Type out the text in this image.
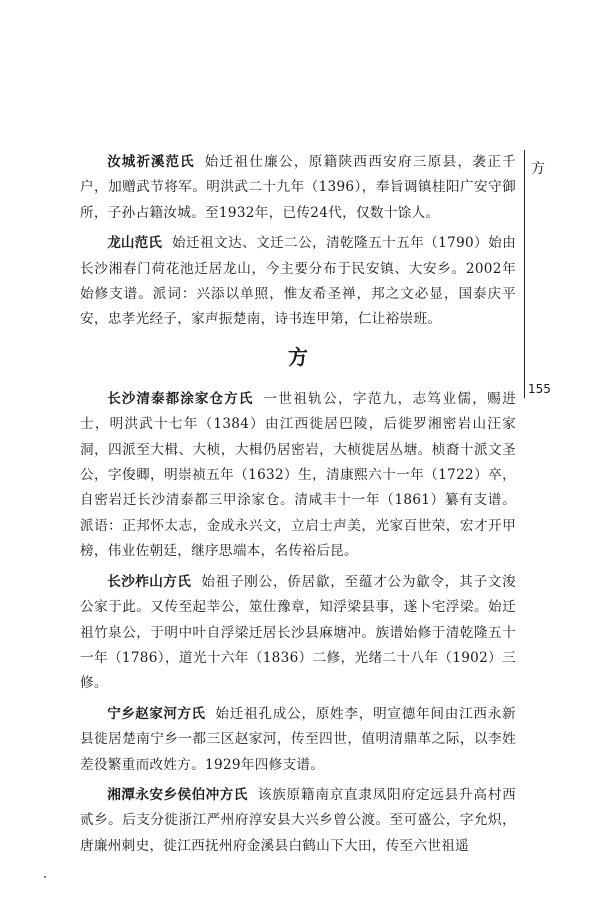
汝城祈溪范氏 始迁祖仕廉公，原籍陕西西安府三原县，袭正千户，加赠武节将军。明洪武二十九年（1396），奉旨调镇桂阳广安守御所，子孙占籍汝城。至1932年，已传24代，仅数十馀人。

龙山范氏 始迁祖文达、文迁二公，清乾隆五十五年（1790）始由长沙湘春门荷花池迁居龙山，今主要分布于民安镇、大安乡。2002年始修支谱。派词：兴添以单照，惟友希圣禅，邦之文必显，国泰庆平安，忠孝光经子，家声振楚南，诗书连甲第，仁让裕崇班。

方

长沙清泰都涂家仓方氏 一世祖轨公，字范九，志笃业儒，赐进士，明洪武十七年（1384）由江西徙居巴陵，后徙罗湘密岩山汪家洞，四派至大楫、大桢，大楫仍居密岩，大桢徙居丛塘。桢裔十派文圣公，字俊卿，明崇祯五年（1632）生，清康熙六十一年（1722）卒，自密岩迁长沙清泰都三甲涂家仓。清咸丰十一年（1861）纂有支谱。派语：正邦怀太志，金成永兴文，立启士声美，光家百世荣，宏才开甲榜，伟业佐朝廷，继序思端本，名传裕后昆。

长沙柞山方氏 始祖子刚公，侨居歙，至蕴才公为歙令，其子文浚公家于此。又传至起莘公，筮仕豫章，知浮梁县事，遂卜宅浮梁。始迁祖竹泉公，于明中叶自浮梁迁居长沙县麻塘冲。族谱始修于清乾隆五十一年（1786），道光十六年（1836）二修，光绪二十八年（1902）三修。

宁乡赵家河方氏 始迁祖孔成公，原姓李，明宣德年间由江西永新县徙居楚南宁乡一都三区赵家河，传至四世，值明清鼎革之际，以李姓差役繁重而改姓方。1929年四修支谱。

湘潭永安乡侯伯冲方氏 该族原籍南京直隶凤阳府定远县升高村西贰乡。后支分徙浙江严州府淳安县大兴乡曾公渡。至可盛公，字允炽，唐廉州刺史，徙江西抚州府金溪县白鹤山下大田，传至六世祖遥

方
155
